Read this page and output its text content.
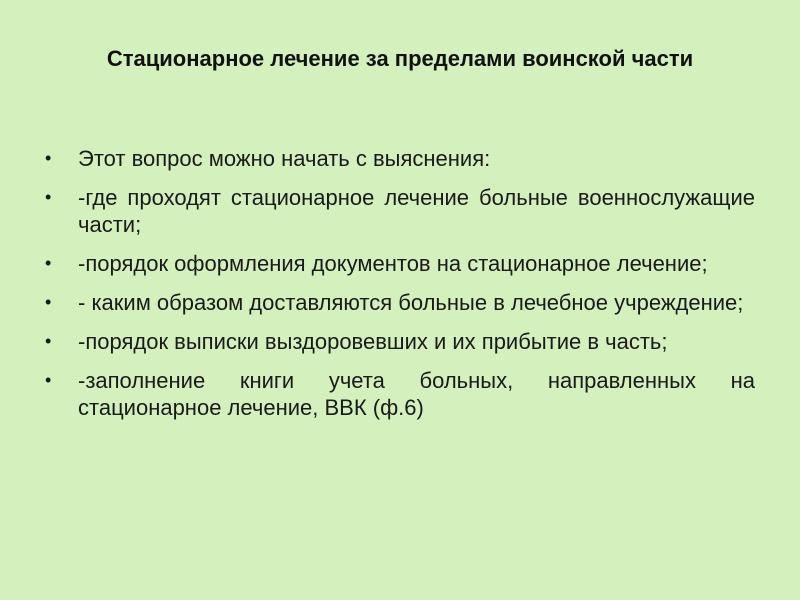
Стационарное лечение за пределами воинской части
•	Этот вопрос можно начать с выяснения:
•	-где проходят стационарное лечение больные военнослужащие части;
•	-порядок оформления документов на стационарное лечение;
•	- каким образом доставляются больные в лечебное учреждение;
•	-порядок выписки выздоровевших и их прибытие в часть;
•	-заполнение книги учета больных, направленных на стационарное лечение, ВВК (ф.6)
